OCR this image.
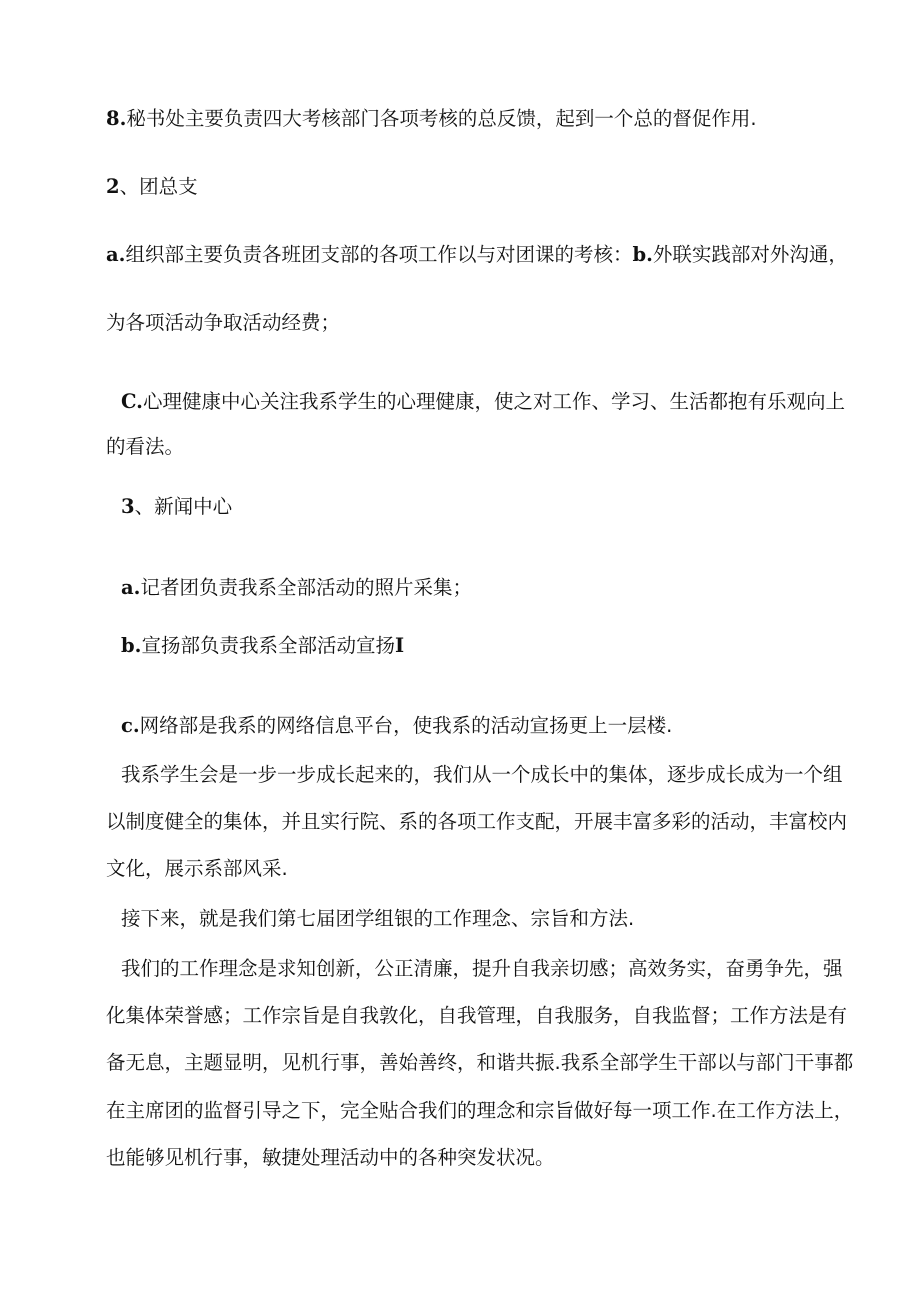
8.秘书处主要负责四大考核部门各项考核的总反馈，起到一个总的督促作用.
2、团总支
a.组织部主要负责各班团支部的各项工作以与对团课的考核：b.外联实践部对外沟通，
为各项活动争取活动经费；
C.心理健康中心关注我系学生的心理健康，使之对工作、学习、生活都抱有乐观向上
的看法。
3、新闻中心
a.记者团负责我系全部活动的照片采集；
b.宣扬部负责我系全部活动宣扬I
c.网络部是我系的网络信息平台，使我系的活动宣扬更上一层楼.
我系学生会是一步一步成长起来的，我们从一个成长中的集体，逐步成长成为一个组
以制度健全的集体，并且实行院、系的各项工作支配，开展丰富多彩的活动，丰富校内
文化，展示系部风采.
接下来，就是我们第七届团学组银的工作理念、宗旨和方法.
我们的工作理念是求知创新，公正清廉，提升自我亲切感；高效务实，奋勇争先，强
化集体荣誉感；工作宗旨是自我敦化，自我管理，自我服务，自我监督；工作方法是有
备无息，主题显明，见机行事，善始善终，和谐共振.我系全部学生干部以与部门干事都
在主席团的监督引导之下，完全贴合我们的理念和宗旨做好每一项工作.在工作方法上，
也能够见机行事，敏捷处理活动中的各种突发状况。
